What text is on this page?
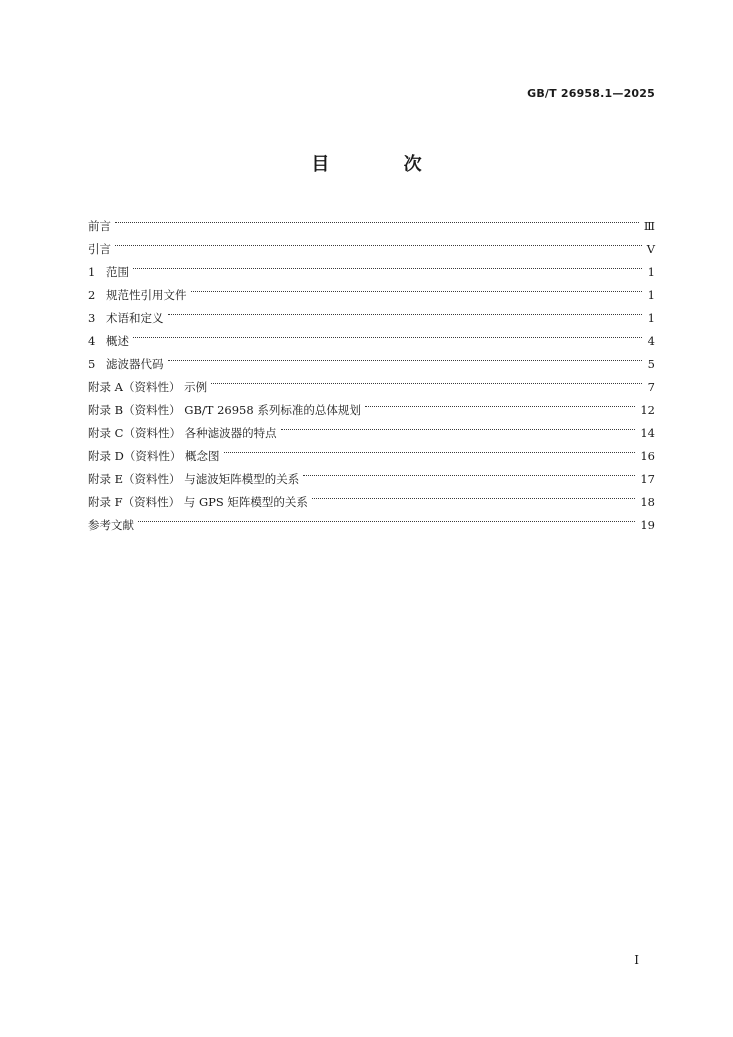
GB/T 26958.1—2025
目 次
前言	Ⅲ
引言	Ⅴ
1 范围	1
2 规范性引用文件	1
3 术语和定义	1
4 概述	4
5 滤波器代码	5
附录 A（资料性） 示例	7
附录 B（资料性） GB/T 26958 系列标准的总体规划	12
附录 C（资料性） 各种滤波器的特点	14
附录 D（资料性） 概念图	16
附录 E（资料性） 与滤波矩阵模型的关系	17
附录 F（资料性） 与 GPS 矩阵模型的关系	18
参考文献	19
Ⅰ
